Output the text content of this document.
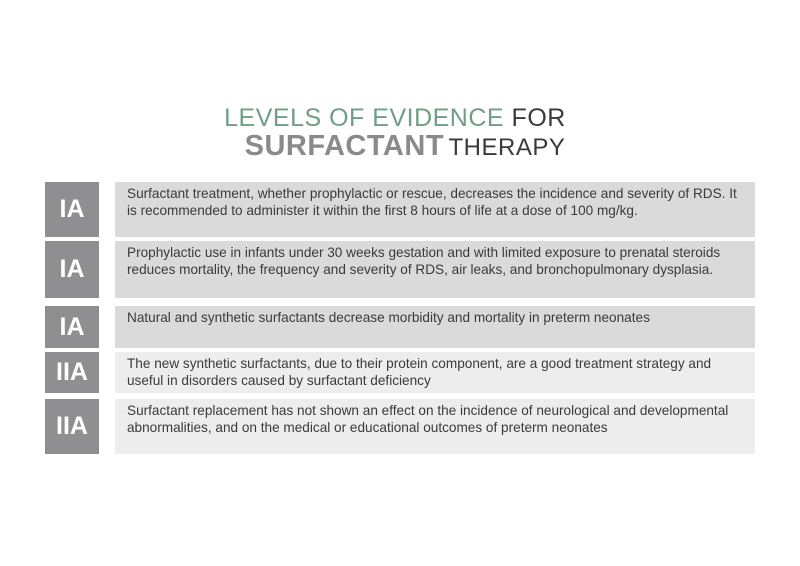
LEVELS OF EVIDENCE FOR
SURFACTANT THERAPY
IA
Surfactant treatment, whether prophylactic or rescue, decreases the incidence and severity of RDS. It is recommended to administer it within the first 8 hours of life at a dose of 100 mg/kg.
IA
Prophylactic use in infants under 30 weeks gestation and with limited exposure to prenatal steroids reduces mortality, the frequency and severity of RDS, air leaks, and bronchopulmonary dysplasia.
IA	Natural and synthetic surfactants decrease morbidity and mortality in preterm neonates
IIA	The new synthetic surfactants, due to their protein component, are a good treatment strategy and useful in disorders caused by surfactant deficiency
IIA
Surfactant replacement has not shown an effect on the incidence of neurological and developmental abnormalities, and on the medical or educational outcomes of preterm neonates
